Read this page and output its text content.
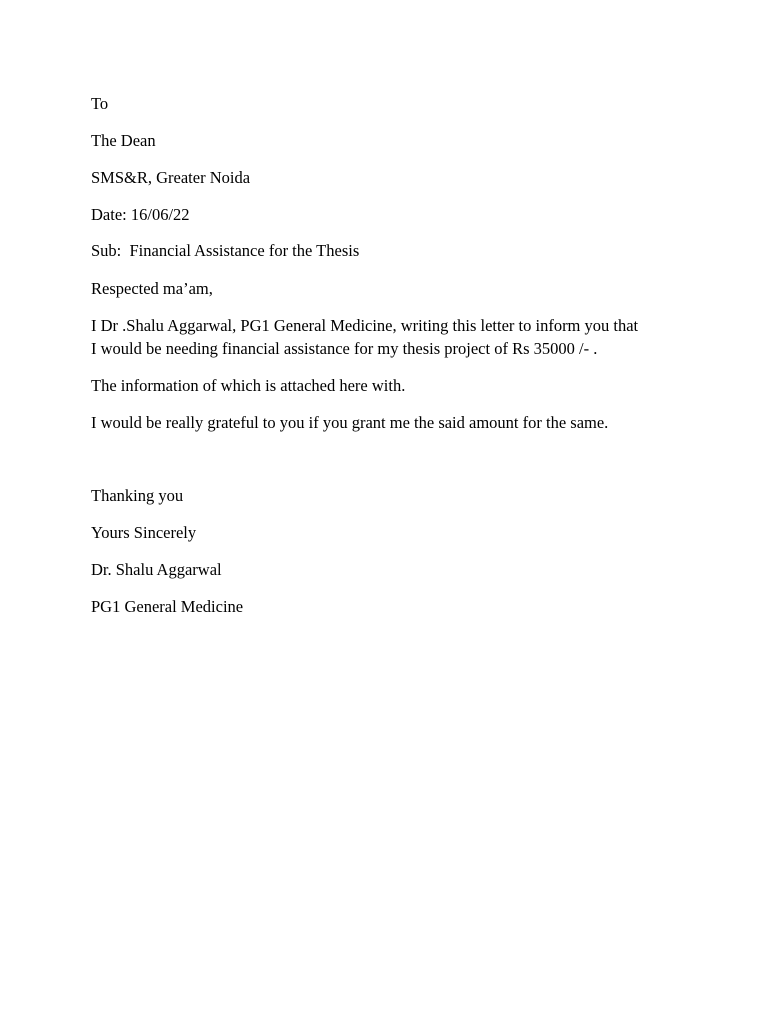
To
The Dean
SMS&R, Greater Noida
Date: 16/06/22
Sub:  Financial Assistance for the Thesis
Respected ma’am,
I Dr .Shalu Aggarwal, PG1 General Medicine, writing this letter to inform you that
I would be needing financial assistance for my thesis project of Rs 35000 /- .
The information of which is attached here with.
I would be really grateful to you if you grant me the said amount for the same.
Thanking you
Yours Sincerely
Dr. Shalu Aggarwal
PG1 General Medicine
